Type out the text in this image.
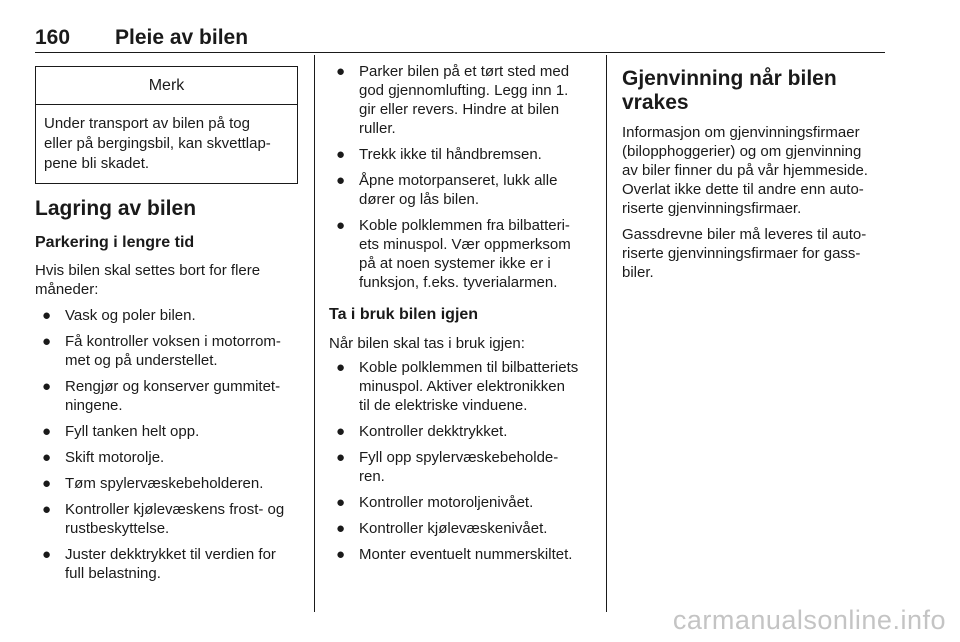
160 Pleie av bilen
Merk
Under transport av bilen på tog
eller på bergingsbil, kan skvettlap-
pene bli skadet.
Lagring av bilen
Parkering i lengre tid

Hvis bilen skal settes bort for flere
måneder:

● Vask og poler bilen.
● Få kontroller voksen i motorrom-
met og på understellet.
● Rengjør og konserver gummitet-
ningene.
● Fyll tanken helt opp.
● Skift motorolje.
● Tøm spylervæskebeholderen.
● Kontroller kjølevæskens frost- og
rustbeskyttelse.
● Juster dekktrykket til verdien for
full belastning.
● Parker bilen på et tørt sted med
god gjennomlufting. Legg inn 1.
gir eller revers. Hindre at bilen
ruller.
● Trekk ikke til håndbremsen.
● Åpne motorpanseret, lukk alle
dører og lås bilen.
● Koble polklemmen fra bilbatteri-
ets minuspol. Vær oppmerksom
på at noen systemer ikke er i
funksjon, f.eks. tyverialarmen.
Ta i bruk bilen igjen

Når bilen skal tas i bruk igjen:

● Koble polklemmen til bilbatteriets
minuspol. Aktiver elektronikken
til de elektriske vinduene.
● Kontroller dekktrykket.
● Fyll opp spylervæskebeholde-
ren.
● Kontroller motoroljenivået.
● Kontroller kjølevæskenivået.
● Monter eventuelt nummerskiltet.
Gjenvinning når bilen
vrakes

Informasjon om gjenvinningsfirmaer
(bilopphoggerier) og om gjenvinning
av biler finner du på vår hjemmeside.
Overlat ikke dette til andre enn auto-
riserte gjenvinningsfirmaer.

Gassdrevne biler må leveres til auto-
riserte gjenvinningsfirmaer for gass-
biler.

carmanualsonline.info
